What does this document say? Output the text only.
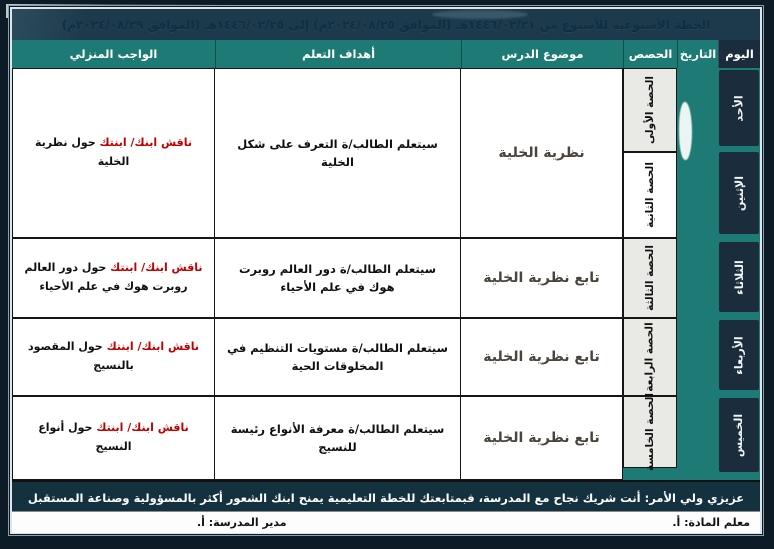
الخطة الأسبوعية للأسبوع من ١٤٤٦/٠٢/٢١هـ (الموافق ٢٠٢٤/٠٨/٢٥م) إلى ١٤٤٦/٠٢/٢٥هـ (الموافق ٢٠٢٤/٠٨/٢٩م)
اليوم
التاريخ
الحصص
موضوع الدرس
أهداف التعلم
الواجب المنزلي
نظرية الخلية
سيتعلم الطالب/ة التعرف على شكل الخلية
ناقش ابنك/ ابنتك حول نظرية الخلية
تابع نظرية الخلية
سيتعلم الطالب/ة دور العالم روبرت هوك في علم الأحياء
ناقش ابنك/ ابنتك حول دور العالم روبرت هوك في علم الأحياء
تابع نظرية الخلية
سيتعلم الطالب/ة مستويات التنظيم في المخلوقات الحية
ناقش ابنك/ ابنتك حول المقصود بالنسيج
تابع نظرية الخلية
سيتعلم الطالب/ة معرفة الأنواع رئيسة للنسيج
ناقش ابنك/ ابنتك حول أنواع النسيج
الحصة الأولى
الحصة الثانية
الحصة الثالثة
الحصة الرابعة
الحصة الخامسة
الأحد
الإثنين
الثلاثاء
الأربعاء
الخميس
عزيزي ولي الأمر: أنت شريك نجاح مع المدرسة، فبمتابعتك للخطة التعليمية يمنح ابنك الشعور أكثر بالمسؤولية وصناعة المستقبل
معلم المادة: أ.
مدير المدرسة: أ.
